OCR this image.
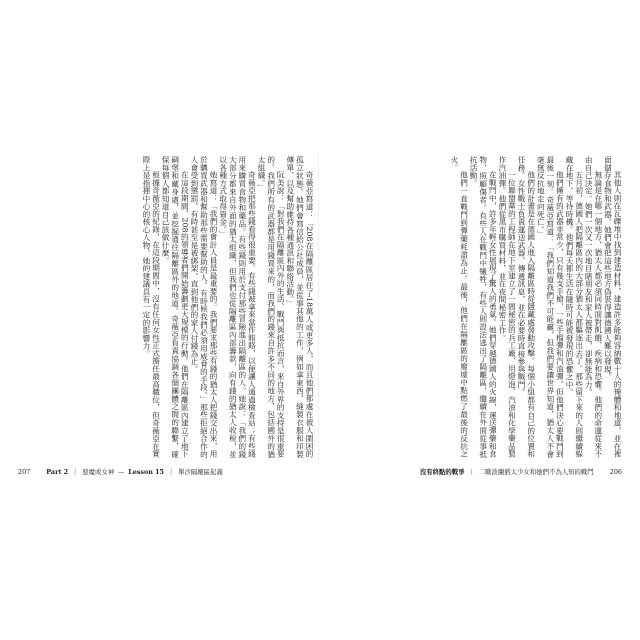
奇薇亞寫道：「208在隔離區居住了18萬人或更多人，而且他們都處在被人圍困的孤立狀態。她們會寫信給公社成員，並從事其他的工作，例如拿東西、縫製衣服和印製傳單，以及幫助維持各種通訊和聯絡活動。」

阮美說：「對我們在隔離區內外的生活、戰鬥與抵抗而言，來自外界的支持是很重要的。我們所有的武器都是用錢買來的，而我們的錢來自許多不同的地方，包括國外的猶太組織。」

奇薇亞把那些錢看得很重要。有些錢被拿來當作賄賂，以便讓人通過檢查站；有些錢用來購買食物和藥品。有些錢則用於支付那些冒險進出隔離區的人。她說：「我們的錢大部分都來自外面的猶太組織，但我們也從隔離區內部籌款，向有錢的猶太人收稅，並以各種方式取得資金。」

她寫道：「我們的會計人員是最重要的。我們要求那些有錢的猶太人把錢交出來，用於購買武器和幫助那些需要幫助的人。有時候我們必須用威脅的手段。」那些拒絕合作的人會受到懲罰，有時甚至是被綁架，直到他們的家人付錢為止。

在這段期間，208的領導者們開始籌劃更大規模的行動。他們在隔離區內建立了地下碉堡和藏身處，並挖掘通往隔離區外的地道。奇薇亞負責協調各個團體之間的聯繫，確保每個人都知道自己該做什麼。

根據奇薇亞的紀錄，在這段期間中，沒有任何女性正式擔任最高職位，但奇薇亞在實際上是指揮中心的核心人物，她的建議具有一定的影響力。	其他人則在瓦礫堆中找到建造材料，建造許多能夠容納數十人的掩體和地道，並在裡面儲存食物和武器。她們會把這些地方偽裝得讓德國人難以發現。

無論是在哪一個地方，猶太人都必須同時面對飢餓、疾病和恐懼。他們的命運從來不由自己決定。她們一次又一次地目睹朋友和家人被帶走，卻無能為力。

五月初，德國人把隔離區內的大部分猶太人都驅逐出去了。那些留下來的人則繼續躲藏在地下，等待時機。他們每天都生活在隨時可能被發現的恐懼之中。

他們擁有的武器非常少，只有幾支手槍、一些手榴彈和汽油彈。但他們決心要戰鬥到最後一刻。奇薇亞寫道：「我們知道我們不可能贏，但我們要讓世界知道，猶太人不會毫無反抗地走向死亡。」

他們的計畫是在德國人進入隔離區時從隱藏處發動攻擊。每個小組都有自己的位置和任務。女性戰士負責運送武器、傳遞訊息，並在必要時直接參與戰鬥。

一位聯盟黨的工程師在地下室建立了一間秘密的兵工廠，用燈泡、汽油和化學藥品製作汽油彈。他們從黑市購買材料，並在夜間秘密工作。

在戰鬥中，許多年輕女性展現了驚人的勇氣。她們穿越德國人的火線，運送彈藥和食物，照顧傷者。有些人在戰鬥中犧牲，有些人則設法逃出了隔離區，繼續在外面從事抵抗活動。

他們一直戰鬥到彈藥耗盡為止。最後，他們在隔離區的廢墟中點燃了最後的反抗之火。

207	Part 2 ｜ 惡魔或女神 — Lesson 15 ｜ 單沙隔離區起義	沒有終點的戰爭 ｜ 二戰波蘭猶太少女和她們不為人知的戰鬥	206
